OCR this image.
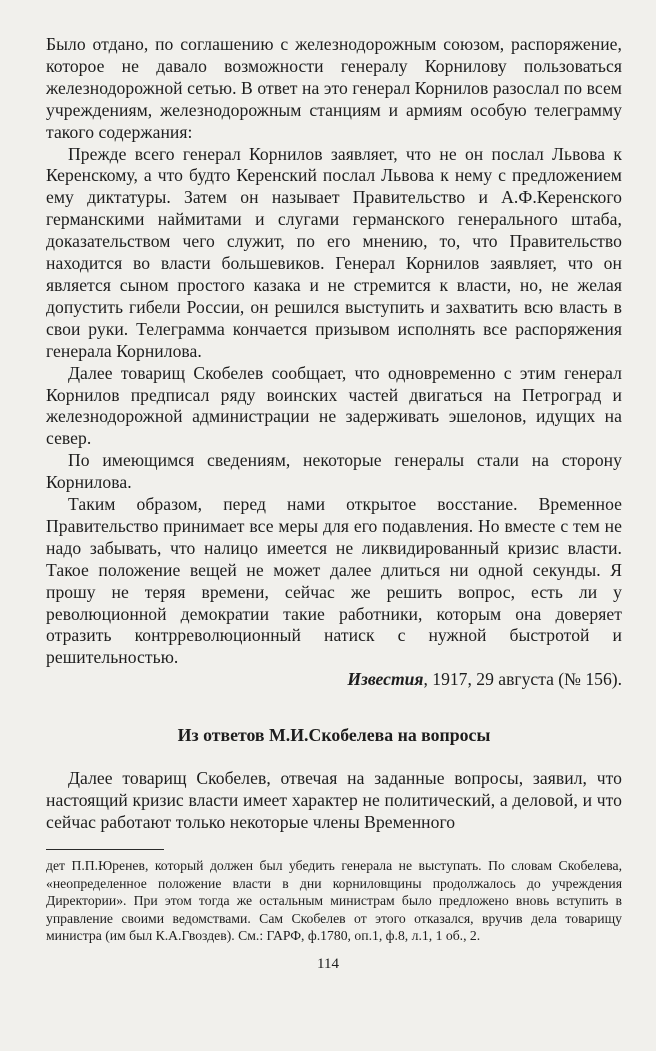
Было отдано, по соглашению с железнодорожным союзом, распоряжение, которое не давало возможности генералу Корнилову пользоваться железнодорожной сетью. В ответ на это генерал Корнилов разослал по всем учреждениям, железнодорожным станциям и армиям особую телеграмму такого содержания:

Прежде всего генерал Корнилов заявляет, что не он послал Львова к Керенскому, а что будто Керенский послал Львова к нему с предложением ему диктатуры. Затем он называет Правительство и А.Ф.Керенского германскими наймитами и слугами германского генерального штаба, доказательством чего служит, по его мнению, то, что Правительство находится во власти большевиков. Генерал Корнилов заявляет, что он является сыном простого казака и не стремится к власти, но, не желая допустить гибели России, он решился выступить и захватить всю власть в свои руки. Телеграмма кончается призывом исполнять все распоряжения генерала Корнилова.

Далее товарищ Скобелев сообщает, что одновременно с этим генерал Корнилов предписал ряду воинских частей двигаться на Петроград и железнодорожной администрации не задерживать эшелонов, идущих на север.

По имеющимся сведениям, некоторые генералы стали на сторону Корнилова.

Таким образом, перед нами открытое восстание. Временное Правительство принимает все меры для его подавления. Но вместе с тем не надо забывать, что налицо имеется не ликвидированный кризис власти. Такое положение вещей не может далее длиться ни одной секунды. Я прошу не теряя времени, сейчас же решить вопрос, есть ли у революционной демократии такие работники, которым она доверяет отразить контрреволюционный натиск с нужной быстротой и решительностью.

Известия, 1917, 29 августа (№ 156).

Из ответов М.И.Скобелева на вопросы

Далее товарищ Скобелев, отвечая на заданные вопросы, заявил, что настоящий кризис власти имеет характер не политический, а деловой, и что сейчас работают только некоторые члены Временного

дет П.П.Юренев, который должен был убедить генерала не выступать. По словам Скобелева, «неопределенное положение власти в дни корниловщины продолжалось до учреждения Директории». При этом тогда же остальным министрам было предложено вновь вступить в управление своими ведомствами. Сам Скобелев от этого отказался, вручив дела товарищу министра (им был К.А.Гвоздев). См.: ГАРФ, ф.1780, оп.1, ф.8, л.1, 1 об., 2.

114
